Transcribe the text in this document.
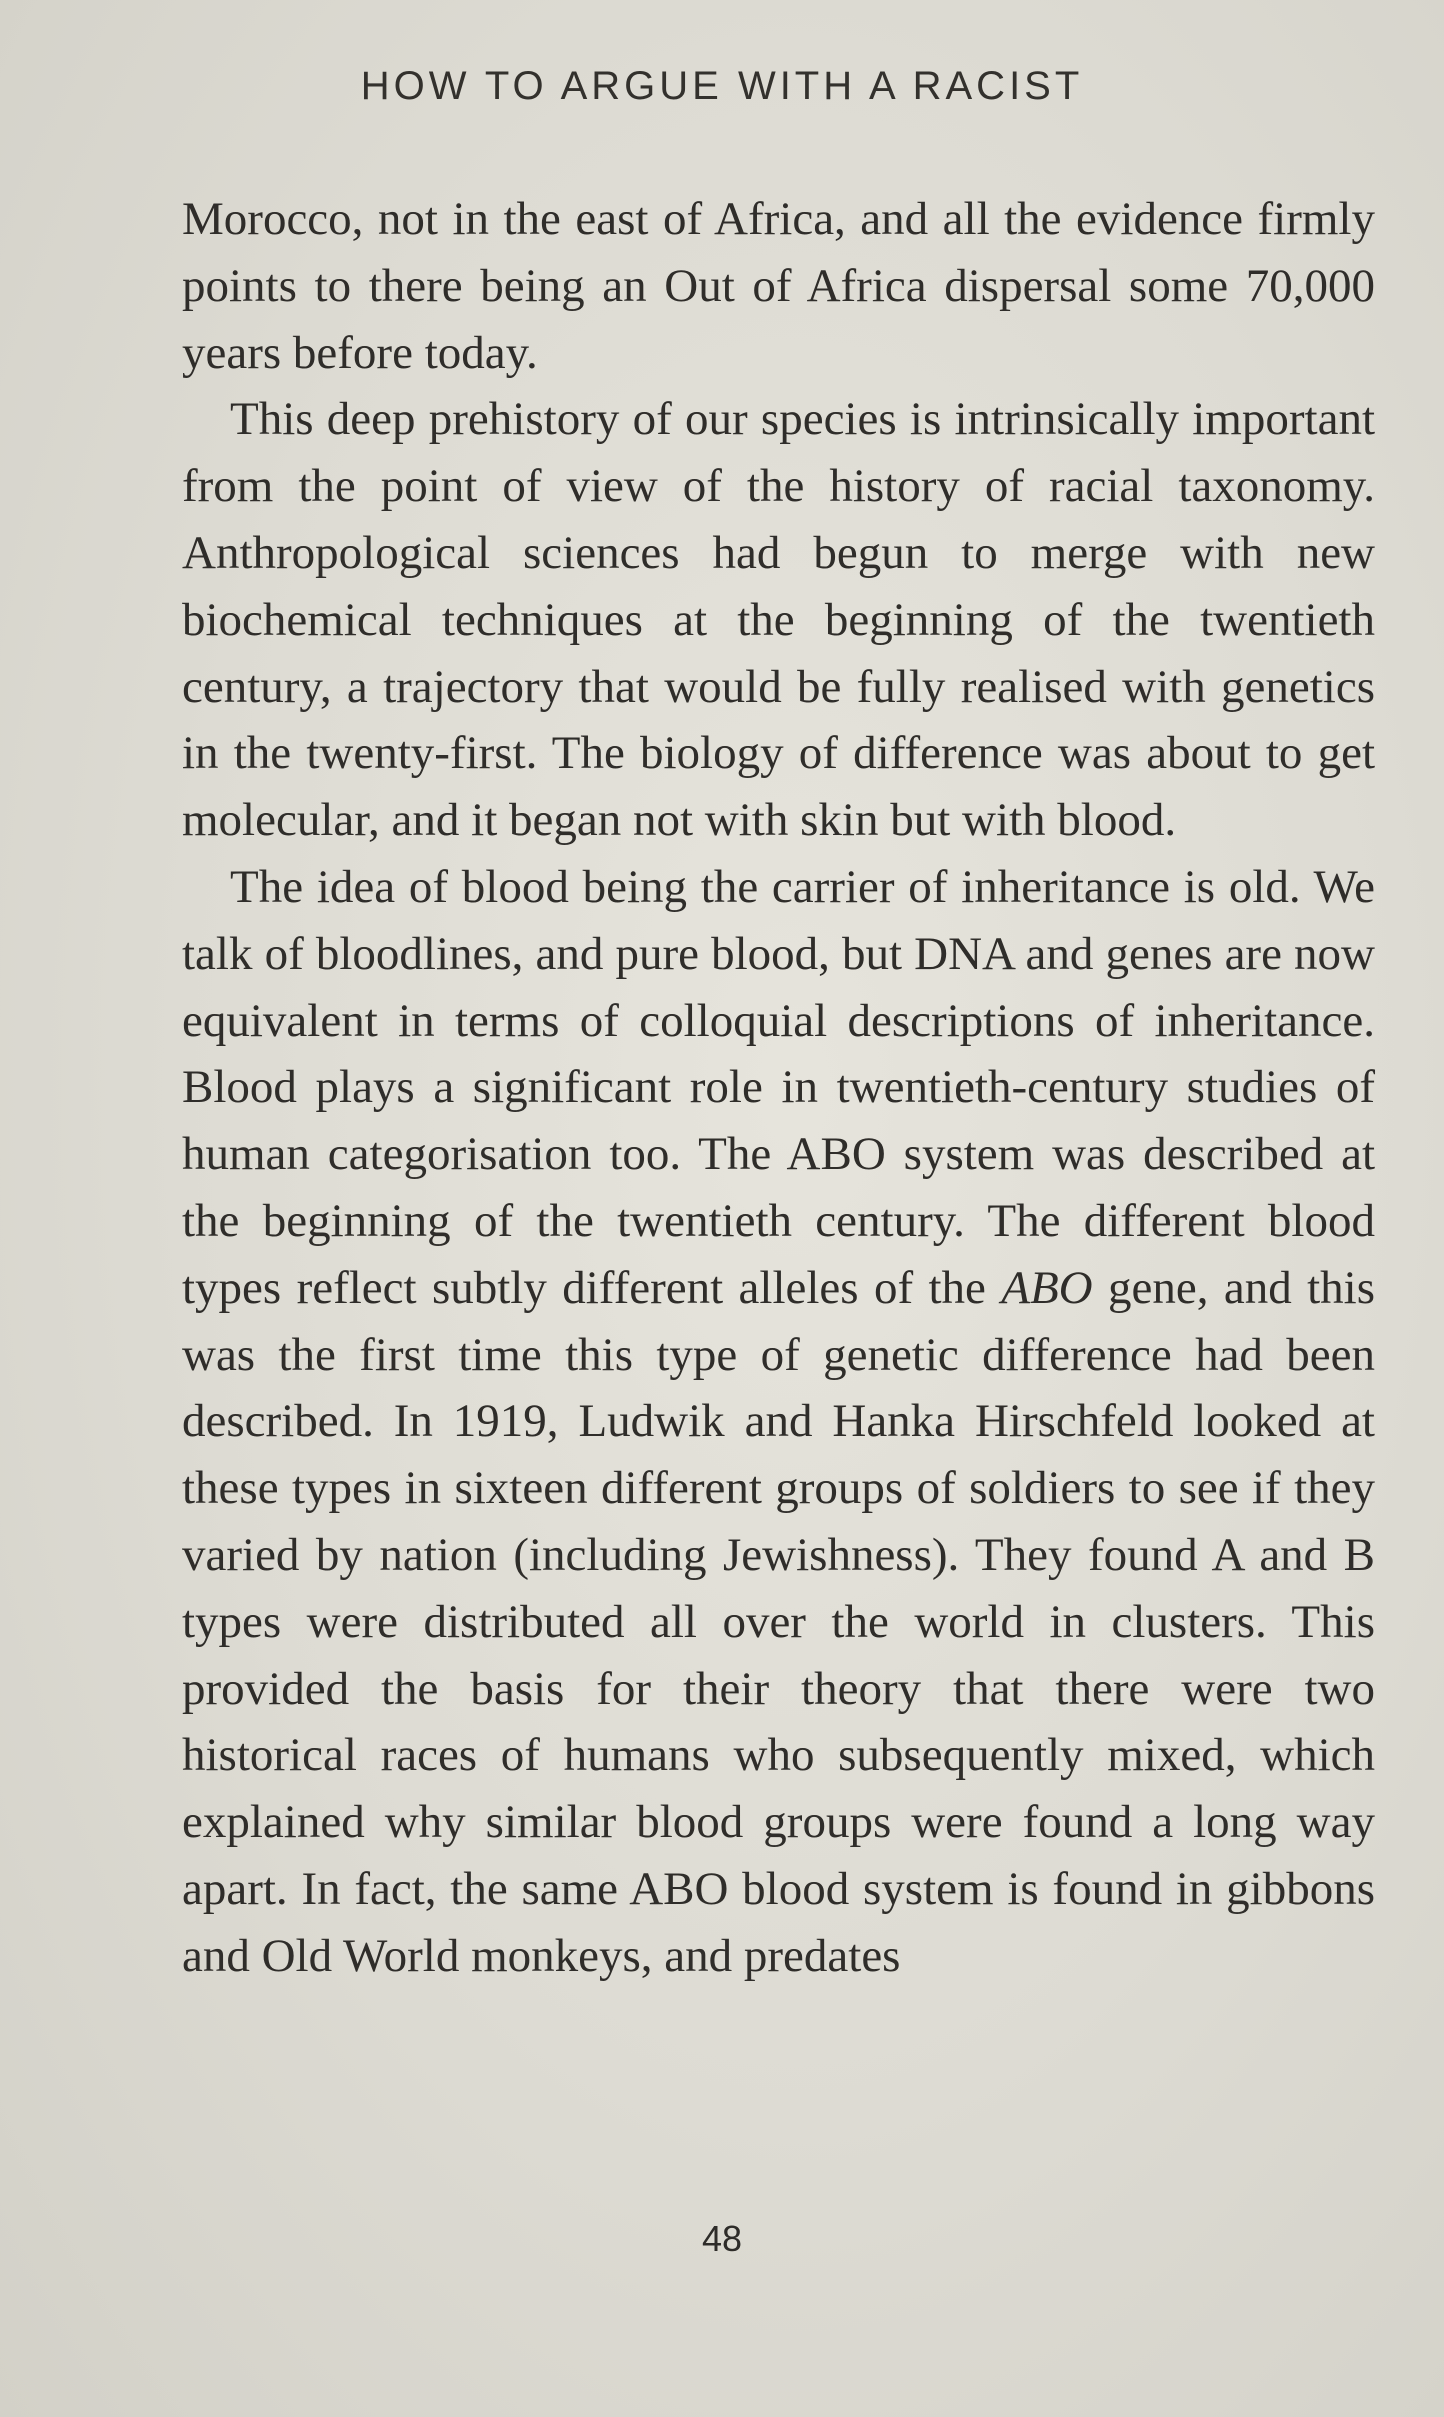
HOW TO ARGUE WITH A RACIST

Morocco, not in the east of Africa, and all the evidence firmly points to there being an Out of Africa dispersal some 70,000 years before today.

This deep prehistory of our species is intrinsically important from the point of view of the history of racial taxonomy. Anthropological sciences had begun to merge with new biochemical techniques at the beginning of the twentieth century, a trajectory that would be fully realised with genetics in the twenty-first. The biology of difference was about to get molecular, and it began not with skin but with blood.

The idea of blood being the carrier of inheritance is old. We talk of bloodlines, and pure blood, but DNA and genes are now equivalent in terms of colloquial descriptions of inheritance. Blood plays a significant role in twentieth-century studies of human categorisation too. The ABO system was described at the beginning of the twentieth century. The different blood types reflect subtly different alleles of the ABO gene, and this was the first time this type of genetic difference had been described. In 1919, Ludwik and Hanka Hirschfeld looked at these types in sixteen different groups of soldiers to see if they varied by nation (including Jewishness). They found A and B types were distributed all over the world in clusters. This provided the basis for their theory that there were two historical races of humans who subsequently mixed, which explained why similar blood groups were found a long way apart. In fact, the same ABO blood system is found in gibbons and Old World monkeys, and predates

48
